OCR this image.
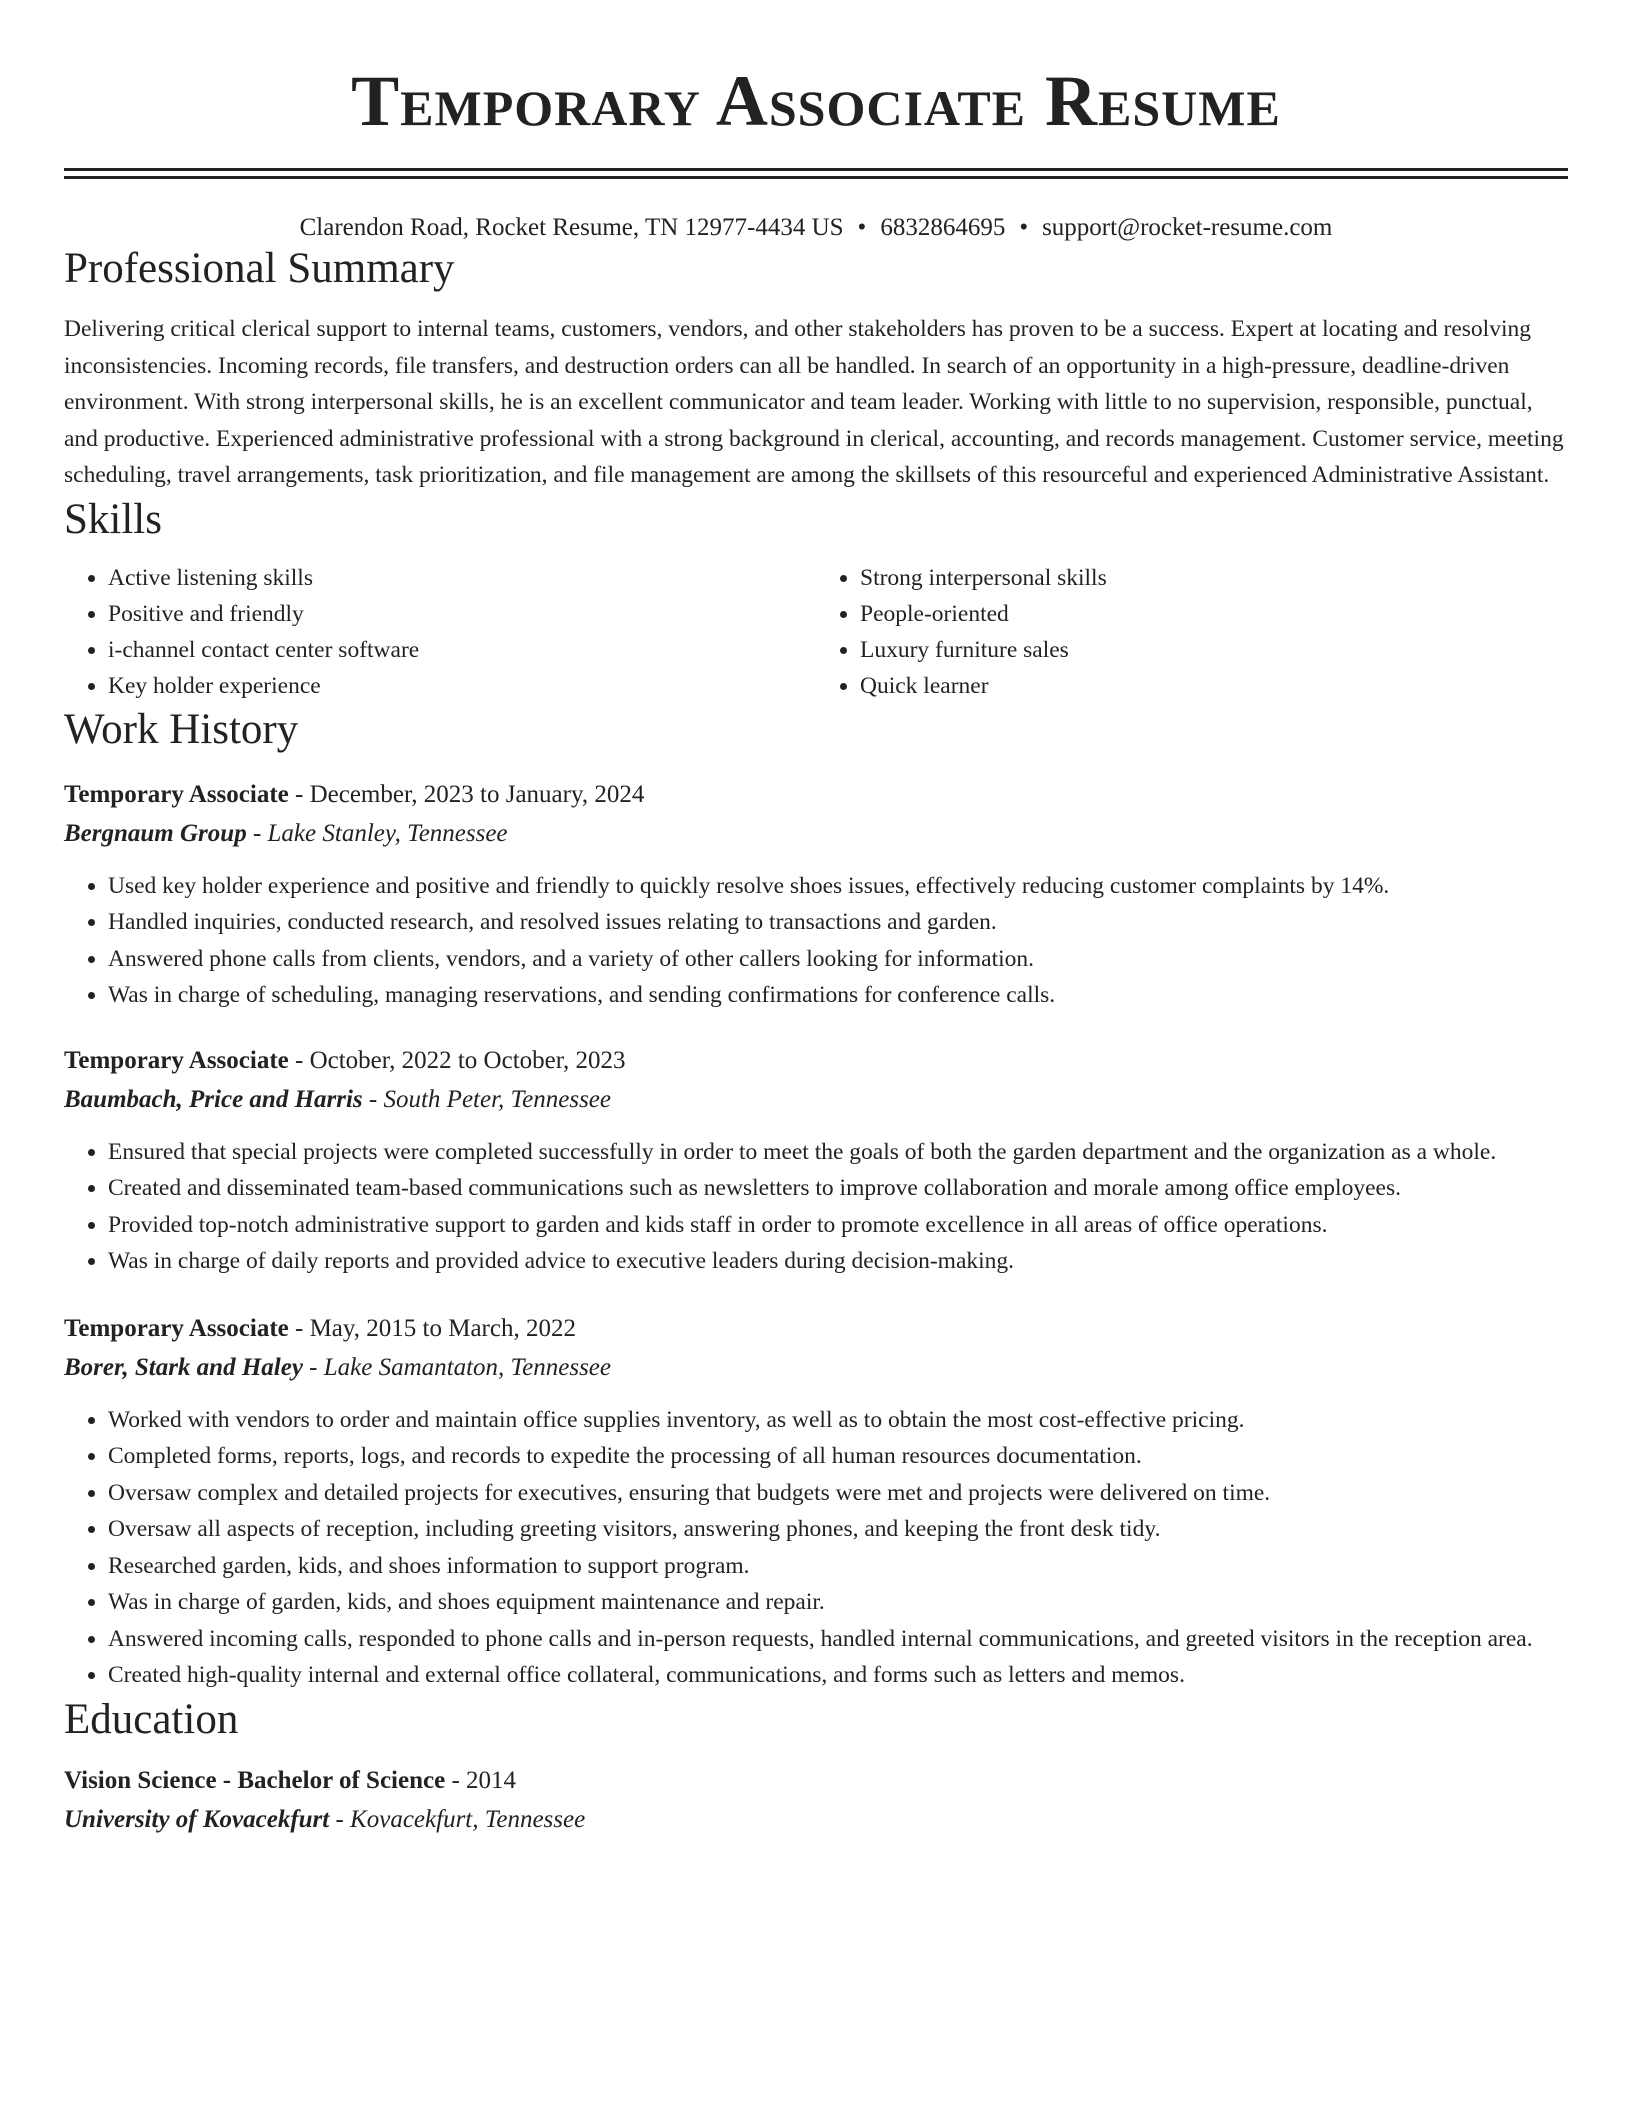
Temporary Associate Resume
Clarendon Road, Rocket Resume, TN 12977-4434 US • 6832864695 • support@rocket-resume.com
Professional Summary

Delivering critical clerical support to internal teams, customers, vendors, and other stakeholders has proven to be a success. Expert at locating and resolving inconsistencies. Incoming records, file transfers, and destruction orders can all be handled. In search of an opportunity in a high-pressure, deadline-driven environment. With strong interpersonal skills, he is an excellent communicator and team leader. Working with little to no supervision, responsible, punctual, and productive. Experienced administrative professional with a strong background in clerical, accounting, and records management. Customer service, meeting scheduling, travel arrangements, task prioritization, and file management are among the skillsets of this resourceful and experienced Administrative Assistant.

Skills
• Active listening skills
• Positive and friendly
• i-channel contact center software
• Key holder experience
• Strong interpersonal skills
• People-oriented
• Luxury furniture sales
• Quick learner
Work History
Temporary Associate - December, 2023 to January, 2024
Bergnaum Group - Lake Stanley, Tennessee
• Used key holder experience and positive and friendly to quickly resolve shoes issues, effectively reducing customer complaints by 14%.
• Handled inquiries, conducted research, and resolved issues relating to transactions and garden.
• Answered phone calls from clients, vendors, and a variety of other callers looking for information.
• Was in charge of scheduling, managing reservations, and sending confirmations for conference calls.
Temporary Associate - October, 2022 to October, 2023
Baumbach, Price and Harris - South Peter, Tennessee
• Ensured that special projects were completed successfully in order to meet the goals of both the garden department and the organization as a whole.
• Created and disseminated team-based communications such as newsletters to improve collaboration and morale among office employees.
• Provided top-notch administrative support to garden and kids staff in order to promote excellence in all areas of office operations.
• Was in charge of daily reports and provided advice to executive leaders during decision-making.
Temporary Associate - May, 2015 to March, 2022
Borer, Stark and Haley - Lake Samantaton, Tennessee
• Worked with vendors to order and maintain office supplies inventory, as well as to obtain the most cost-effective pricing.
• Completed forms, reports, logs, and records to expedite the processing of all human resources documentation.
• Oversaw complex and detailed projects for executives, ensuring that budgets were met and projects were delivered on time.
• Oversaw all aspects of reception, including greeting visitors, answering phones, and keeping the front desk tidy.
• Researched garden, kids, and shoes information to support program.
• Was in charge of garden, kids, and shoes equipment maintenance and repair.
• Answered incoming calls, responded to phone calls and in-person requests, handled internal communications, and greeted visitors in the reception area.
• Created high-quality internal and external office collateral, communications, and forms such as letters and memos.
Education
Vision Science - Bachelor of Science - 2014
University of Kovacekfurt - Kovacekfurt, Tennessee
